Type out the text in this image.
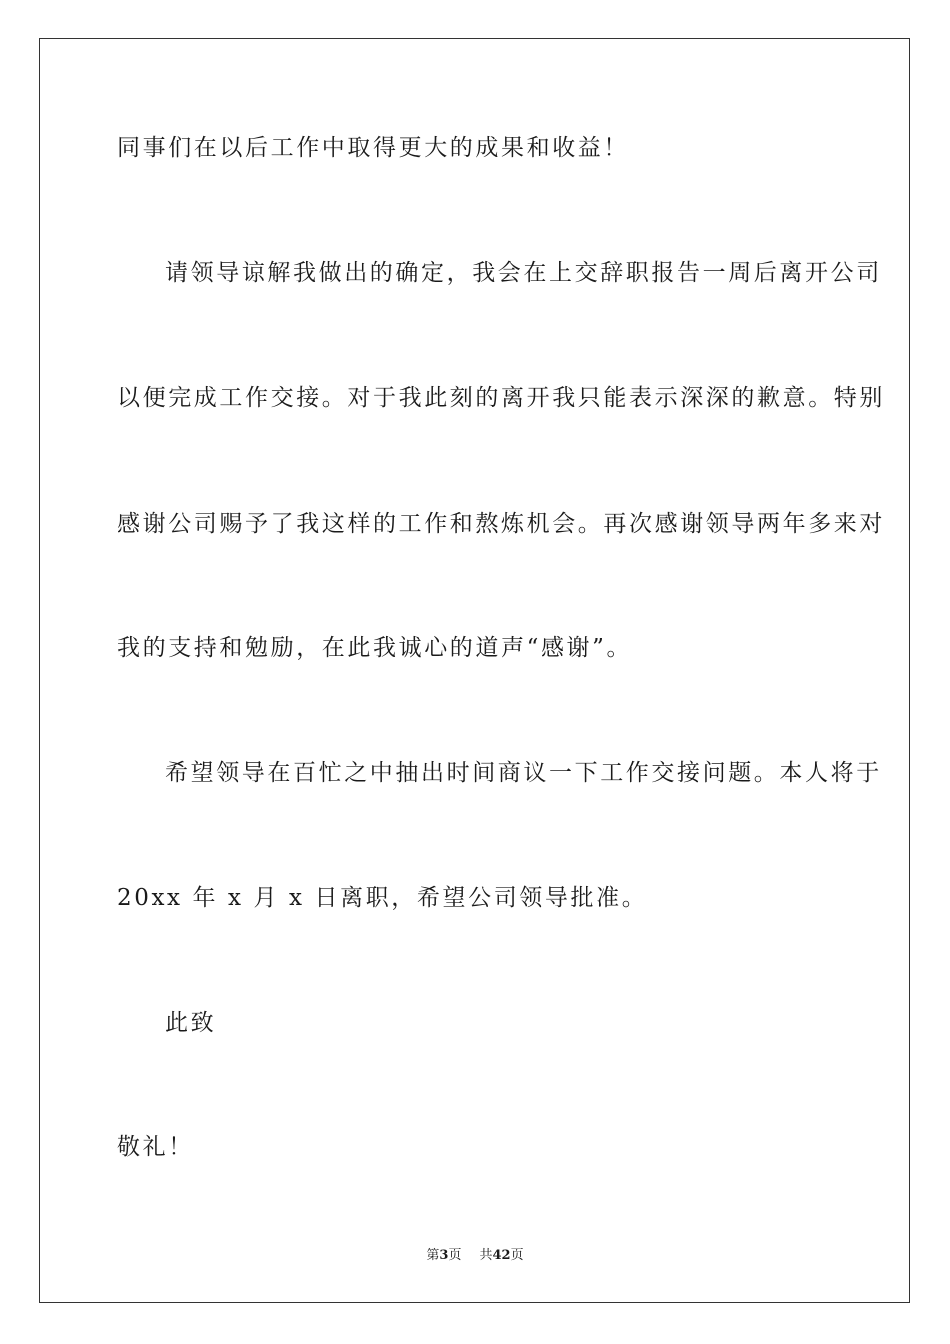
同事们在以后工作中取得更大的成果和收益！
请领导谅解我做出的确定，我会在上交辞职报告一周后离开公司
以便完成工作交接。对于我此刻的离开我只能表示深深的歉意。特别
感谢公司赐予了我这样的工作和熬炼机会。再次感谢领导两年多来对
我的支持和勉励，在此我诚心的道声“感谢”。
希望领导在百忙之中抽出时间商议一下工作交接问题。本人将于
20xx 年 x 月 x 日离职，希望公司领导批准。
此致
敬礼！
第3页 共42页
